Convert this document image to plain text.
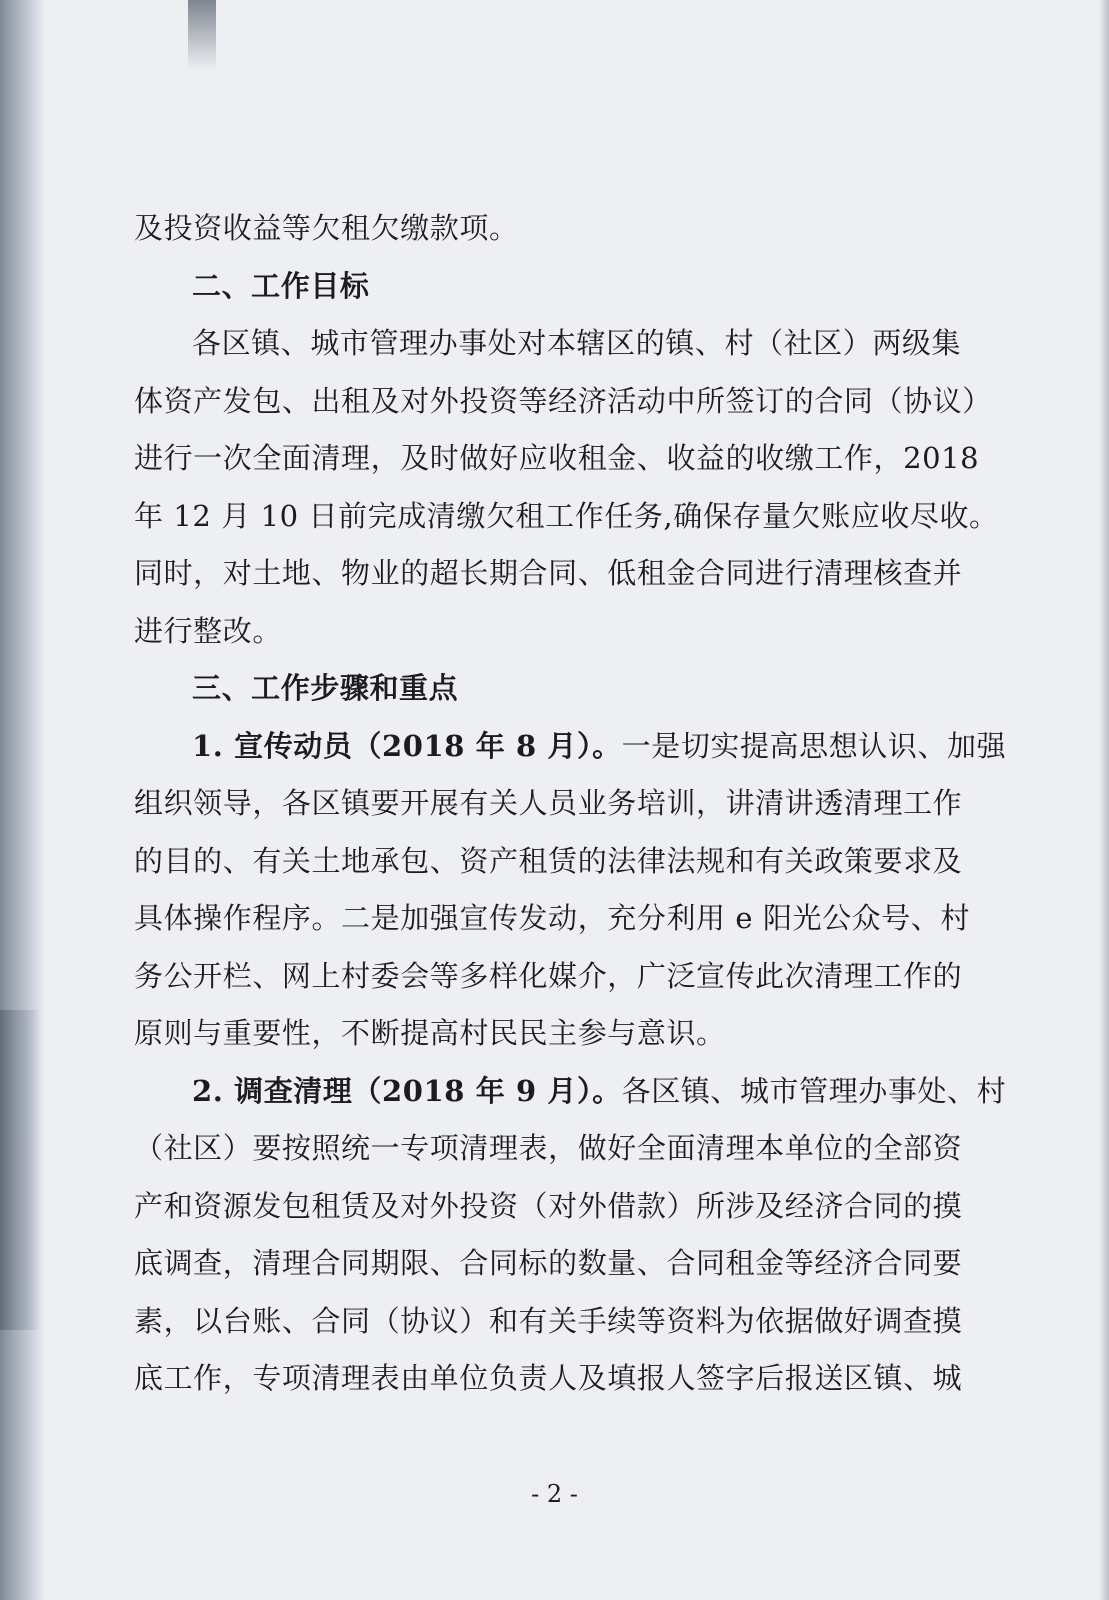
及投资收益等欠租欠缴款项。
二、工作目标
各区镇、城市管理办事处对本辖区的镇、村（社区）两级集
体资产发包、出租及对外投资等经济活动中所签订的合同（协议）
进行一次全面清理，及时做好应收租金、收益的收缴工作，2018
年 12 月 10 日前完成清缴欠租工作任务,确保存量欠账应收尽收。
同时，对土地、物业的超长期合同、低租金合同进行清理核查并
进行整改。
三、工作步骤和重点
1. 宣传动员（2018 年 8 月）。一是切实提高思想认识、加强
组织领导，各区镇要开展有关人员业务培训，讲清讲透清理工作
的目的、有关土地承包、资产租赁的法律法规和有关政策要求及
具体操作程序。二是加强宣传发动，充分利用 e 阳光公众号、村
务公开栏、网上村委会等多样化媒介，广泛宣传此次清理工作的
原则与重要性，不断提高村民民主参与意识。
2. 调查清理（2018 年 9 月）。各区镇、城市管理办事处、村
（社区）要按照统一专项清理表，做好全面清理本单位的全部资
产和资源发包租赁及对外投资（对外借款）所涉及经济合同的摸
底调查，清理合同期限、合同标的数量、合同租金等经济合同要
素，以台账、合同（协议）和有关手续等资料为依据做好调查摸
底工作，专项清理表由单位负责人及填报人签字后报送区镇、城
- 2 -
